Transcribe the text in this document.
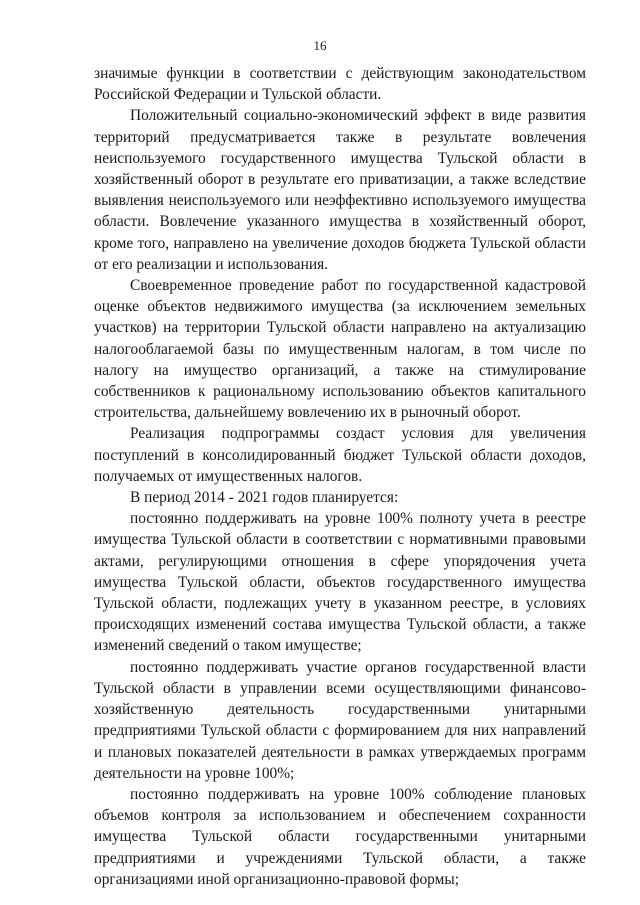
16

значимые функции в соответствии с действующим законодательством Российской Федерации и Тульской области.

Положительный социально-экономический эффект в виде развития территорий предусматривается также в результате вовлечения неиспользуемого государственного имущества Тульской области в хозяйственный оборот в результате его приватизации, а также вследствие выявления неиспользуемого или неэффективно используемого имущества области. Вовлечение указанного имущества в хозяйственный оборот, кроме того, направлено на увеличение доходов бюджета Тульской области от его реализации и использования.

Своевременное проведение работ по государственной кадастровой оценке объектов недвижимого имущества (за исключением земельных участков) на территории Тульской области направлено на актуализацию налогооблагаемой базы по имущественным налогам, в том числе по налогу на имущество организаций, а также на стимулирование собственников к рациональному использованию объектов капитального строительства, дальнейшему вовлечению их в рыночный оборот.

Реализация подпрограммы создаст условия для увеличения поступлений в консолидированный бюджет Тульской области доходов, получаемых от имущественных налогов.

В период 2014 - 2021 годов планируется:

постоянно поддерживать на уровне 100% полноту учета в реестре имущества Тульской области в соответствии с нормативными правовыми актами, регулирующими отношения в сфере упорядочения учета имущества Тульской области, объектов государственного имущества Тульской области, подлежащих учету в указанном реестре, в условиях происходящих изменений состава имущества Тульской области, а также изменений сведений о таком имуществе;

постоянно поддерживать участие органов государственной власти Тульской области в управлении всеми осуществляющими финансово-хозяйственную деятельность государственными унитарными предприятиями Тульской области с формированием для них направлений и плановых показателей деятельности в рамках утверждаемых программ деятельности на уровне 100%;

постоянно поддерживать на уровне 100% соблюдение плановых объемов контроля за использованием и обеспечением сохранности имущества Тульской области государственными унитарными предприятиями и учреждениями Тульской области, а также организациями иной организационно-правовой формы;
